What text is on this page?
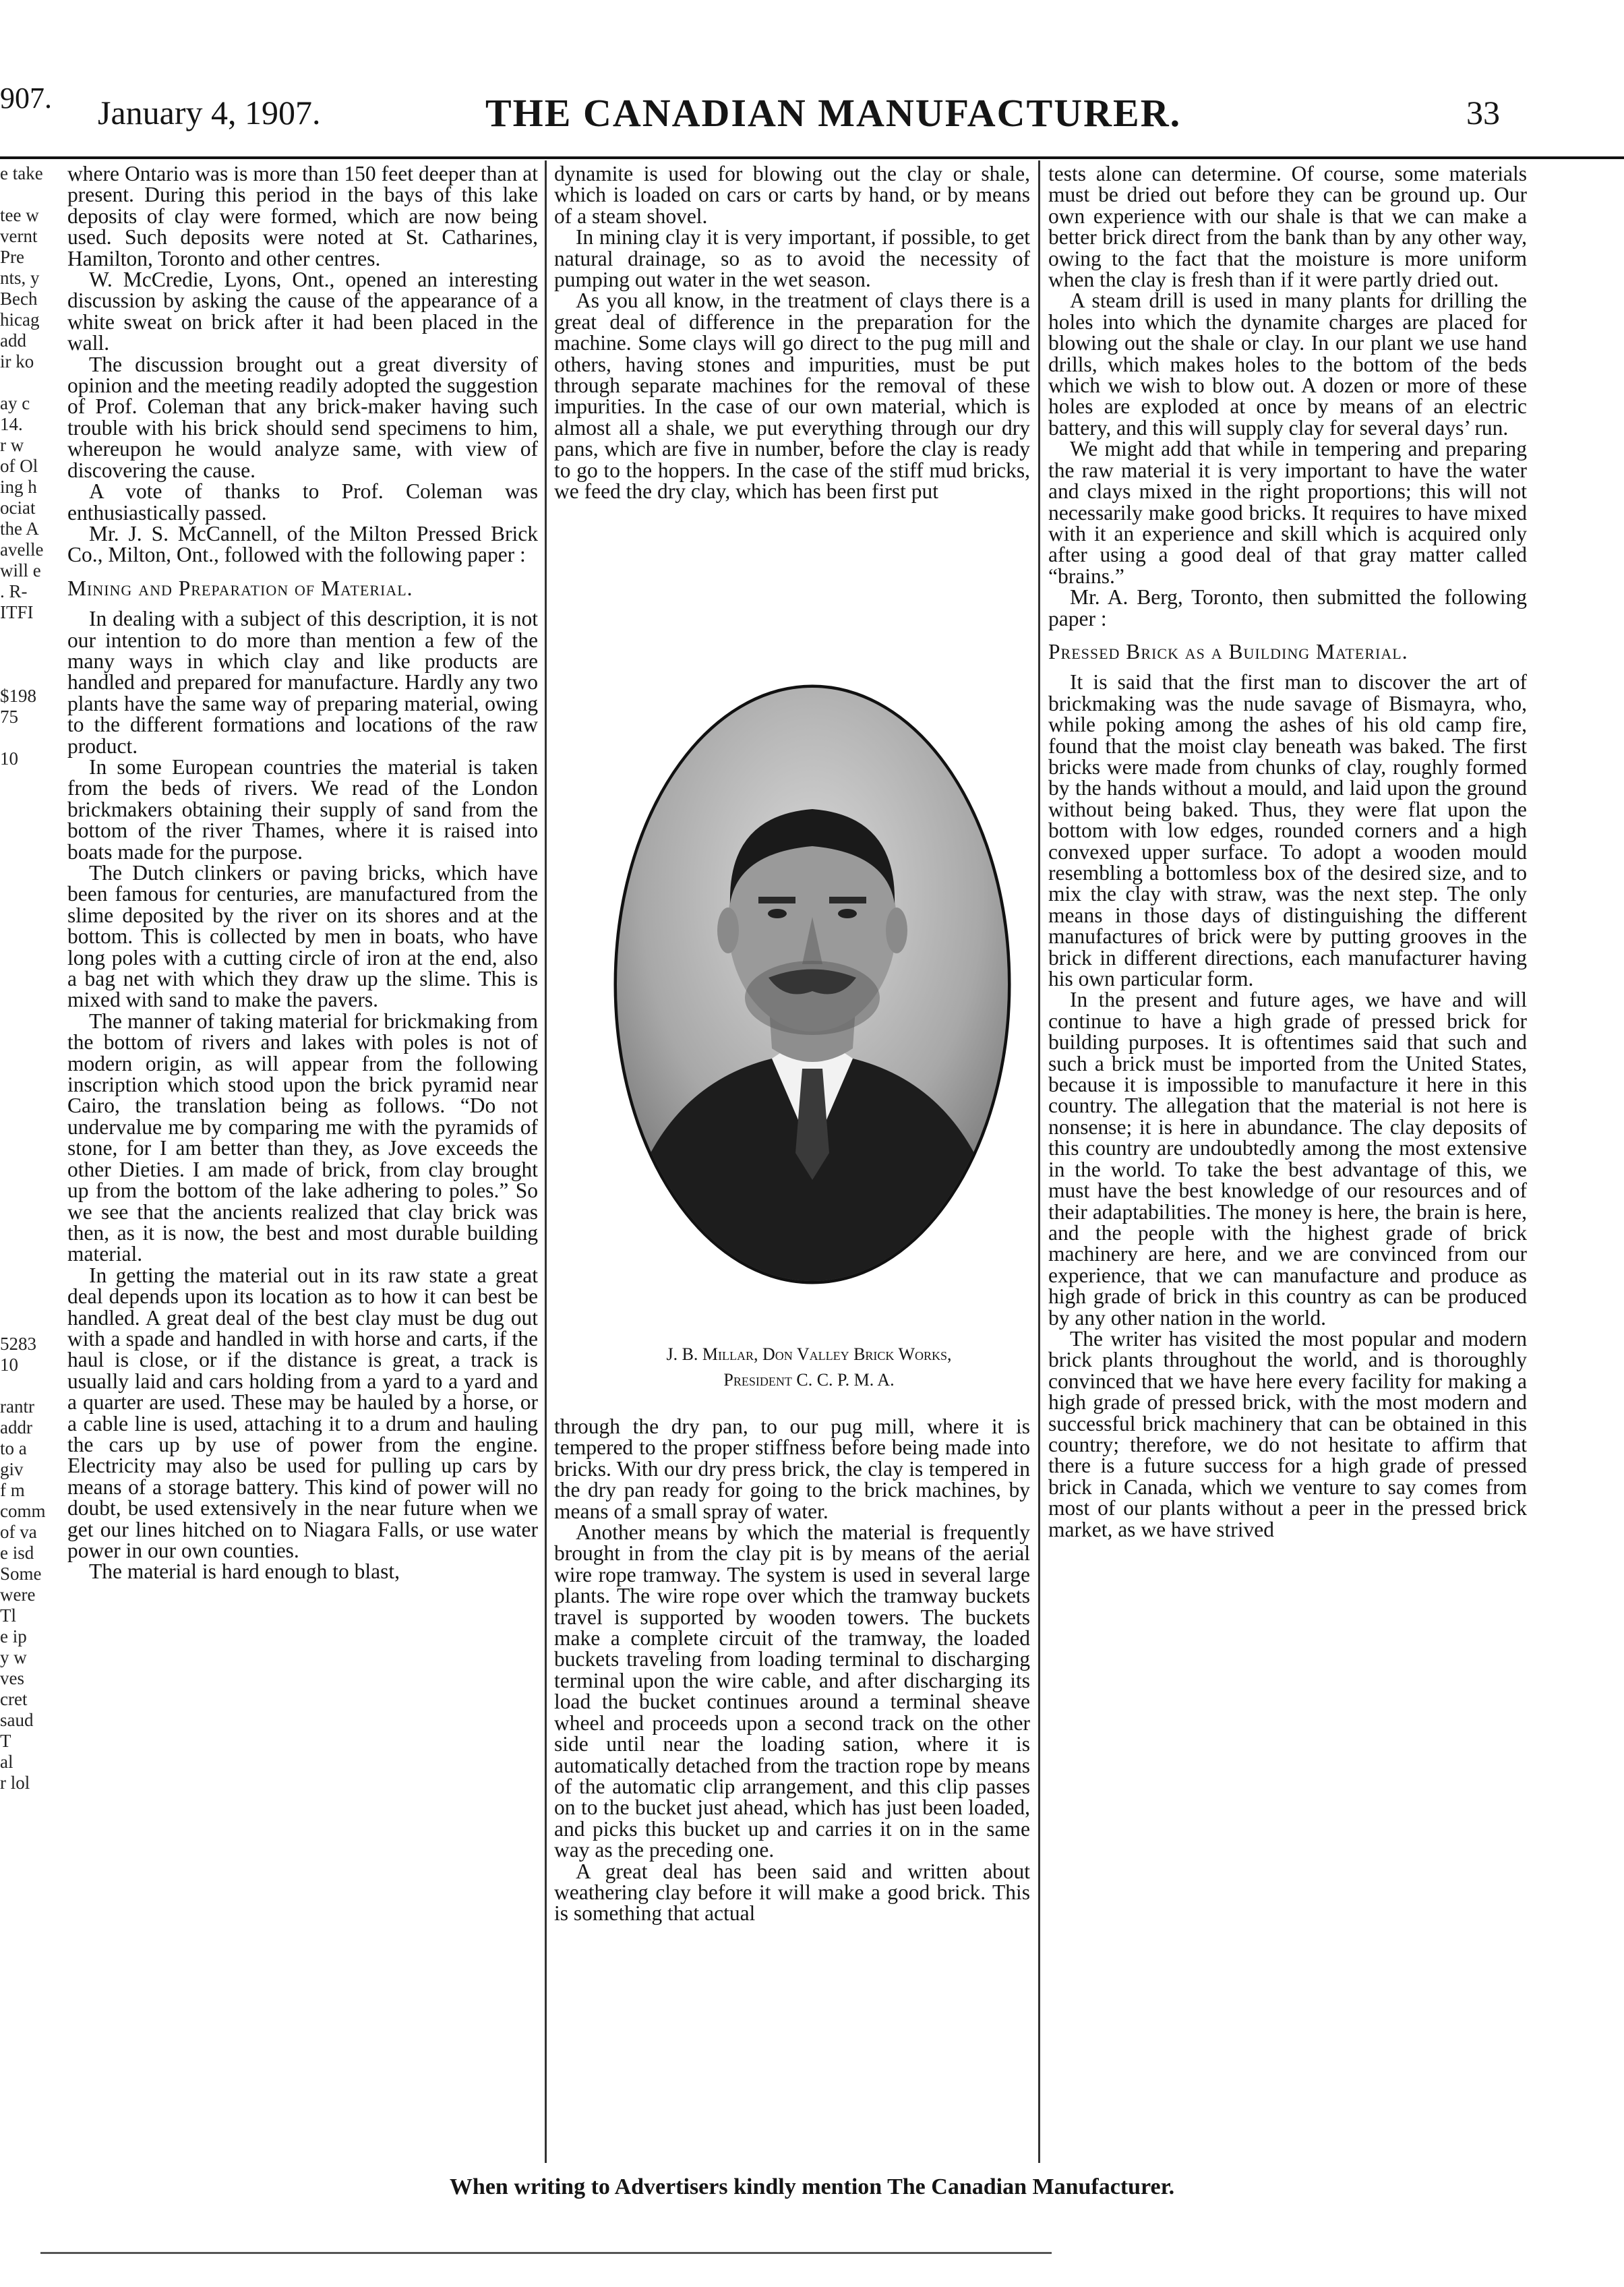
907. January 4, 1907.	THE CANADIAN MANUFACTURER.	33
e take

tee w
vernt
Pre
nts, y
Bech
hicag
add
ir ko

ay c
14.
r w
of Ol
ing h
ociat
the A
avelle
will e
. R-
ITFI

$198
75

10

5283
10

rantr
addr
to a
giv
f m
comm
of va
e isd
Some
were
Tl
e ip
y w
ves
cret
saud
T
al
r lol

where Ontario was is more than 150 feet deeper than at present. During this period in the bays of this lake deposits of clay were formed, which are now being used. Such deposits were noted at St. Catharines, Hamilton, Toronto and other centres.

W. McCredie, Lyons, Ont., opened an interesting discussion by asking the cause of the appearance of a white sweat on brick after it had been placed in the wall.

The discussion brought out a great diversity of opinion and the meeting readily adopted the suggestion of Prof. Coleman that any brick-maker having such trouble with his brick should send specimens to him, whereupon he would analyze same, with view of discovering the cause.

A vote of thanks to Prof. Coleman was enthusiastically passed.

Mr. J. S. McCannell, of the Milton Pressed Brick Co., Milton, Ont., followed with the following paper :

Mining and Preparation of Material.

In dealing with a subject of this description, it is not our intention to do more than mention a few of the many ways in which clay and like products are handled and prepared for manufacture. Hardly any two plants have the same way of preparing material, owing to the different formations and locations of the raw product.

In some European countries the material is taken from the beds of rivers. We read of the London brickmakers obtaining their supply of sand from the bottom of the river Thames, where it is raised into boats made for the purpose.

The Dutch clinkers or paving bricks, which have been famous for centuries, are manufactured from the slime deposited by the river on its shores and at the bottom. This is collected by men in boats, who have long poles with a cutting circle of iron at the end, also a bag net with which they draw up the slime. This is mixed with sand to make the pavers.

The manner of taking material for brickmaking from the bottom of rivers and lakes with poles is not of modern origin, as will appear from the following inscription which stood upon the brick pyramid near Cairo, the translation being as follows. “Do not undervalue me by comparing me with the pyramids of stone, for I am better than they, as Jove exceeds the other Dieties. I am made of brick, from clay brought up from the bottom of the lake adhering to poles.” So we see that the ancients realized that clay brick was then, as it is now, the best and most durable building material.

In getting the material out in its raw state a great deal depends upon its location as to how it can best be handled. A great deal of the best clay must be dug out with a spade and handled in with horse and carts, if the haul is close, or if the distance is great, a track is usually laid and cars holding from a yard to a yard and a quarter are used. These may be hauled by a horse, or a cable line is used, attaching it to a drum and hauling the cars up by use of power from the engine. Electricity may also be used for pulling up cars by means of a storage battery. This kind of power will no doubt, be used extensively in the near future when we get our lines hitched on to Niagara Falls, or use water power in our own counties.

The material is hard enough to blast,

dynamite is used for blowing out the clay or shale, which is loaded on cars or carts by hand, or by means of a steam shovel.

In mining clay it is very important, if possible, to get natural drainage, so as to avoid the necessity of pumping out water in the wet season.

As you all know, in the treatment of clays there is a great deal of difference in the preparation for the machine. Some clays will go direct to the pug mill and others, having stones and impurities, must be put through separate machines for the removal of these impurities. In the case of our own material, which is almost all a shale, we put everything through our dry pans, which are five in number, before the clay is ready to go to the hoppers. In the case of the stiff mud bricks, we feed the dry clay, which has been first put

J. B. Millar, Don Valley Brick Works,
President C. C. P. M. A.

through the dry pan, to our pug mill, where it is tempered to the proper stiffness before being made into bricks. With our dry press brick, the clay is tempered in the dry pan ready for going to the brick machines, by means of a small spray of water.

Another means by which the material is frequently brought in from the clay pit is by means of the aerial wire rope tramway. The system is used in several large plants. The wire rope over which the tramway buckets travel is supported by wooden towers. The buckets make a complete circuit of the tramway, the loaded buckets traveling from loading terminal to discharging terminal upon the wire cable, and after discharging its load the bucket continues around a terminal sheave wheel and proceeds upon a second track on the other side until near the loading sation, where it is automatically detached from the traction rope by means of the automatic clip arrangement, and this clip passes on to the bucket just ahead, which has just been loaded, and picks this bucket up and carries it on in the same way as the preceding one.

A great deal has been said and written about weathering clay before it will make a good brick. This is something that actual

tests alone can determine. Of course, some materials must be dried out before they can be ground up. Our own experience with our shale is that we can make a better brick direct from the bank than by any other way, owing to the fact that the moisture is more uniform when the clay is fresh than if it were partly dried out.

A steam drill is used in many plants for drilling the holes into which the dynamite charges are placed for blowing out the shale or clay. In our plant we use hand drills, which makes holes to the bottom of the beds which we wish to blow out. A dozen or more of these holes are exploded at once by means of an electric battery, and this will supply clay for several days’ run.

We might add that while in tempering and preparing the raw material it is very important to have the water and clays mixed in the right proportions; this will not necessarily make good bricks. It requires to have mixed with it an experience and skill which is acquired only after using a good deal of that gray matter called “brains.”

Mr. A. Berg, Toronto, then submitted the following paper :

Pressed Brick as a Building Material.

It is said that the first man to discover the art of brickmaking was the nude savage of Bismayra, who, while poking among the ashes of his old camp fire, found that the moist clay beneath was baked. The first bricks were made from chunks of clay, roughly formed by the hands without a mould, and laid upon the ground without being baked. Thus, they were flat upon the bottom with low edges, rounded corners and a high convexed upper surface. To adopt a wooden mould resembling a bottomless box of the desired size, and to mix the clay with straw, was the next step. The only means in those days of distinguishing the different manufactures of brick were by putting grooves in the brick in different directions, each manufacturer having his own particular form.

In the present and future ages, we have and will continue to have a high grade of pressed brick for building purposes. It is oftentimes said that such and such a brick must be imported from the United States, because it is impossible to manufacture it here in this country. The allegation that the material is not here is nonsense; it is here in abundance. The clay deposits of this country are undoubtedly among the most extensive in the world. To take the best advantage of this, we must have the best knowledge of our resources and of their adaptabilities. The money is here, the brain is here, and the people with the highest grade of brick machinery are here, and we are convinced from our experience, that we can manufacture and produce as high grade of brick in this country as can be produced by any other nation in the world.

The writer has visited the most popular and modern brick plants throughout the world, and is thoroughly convinced that we have here every facility for making a high grade of pressed brick, with the most modern and successful brick machinery that can be obtained in this country; therefore, we do not hesitate to affirm that there is a future success for a high grade of pressed brick in Canada, which we venture to say comes from most of our plants without a peer in the pressed brick market, as we have strived

When writing to Advertisers kindly mention The Canadian Manufacturer.
